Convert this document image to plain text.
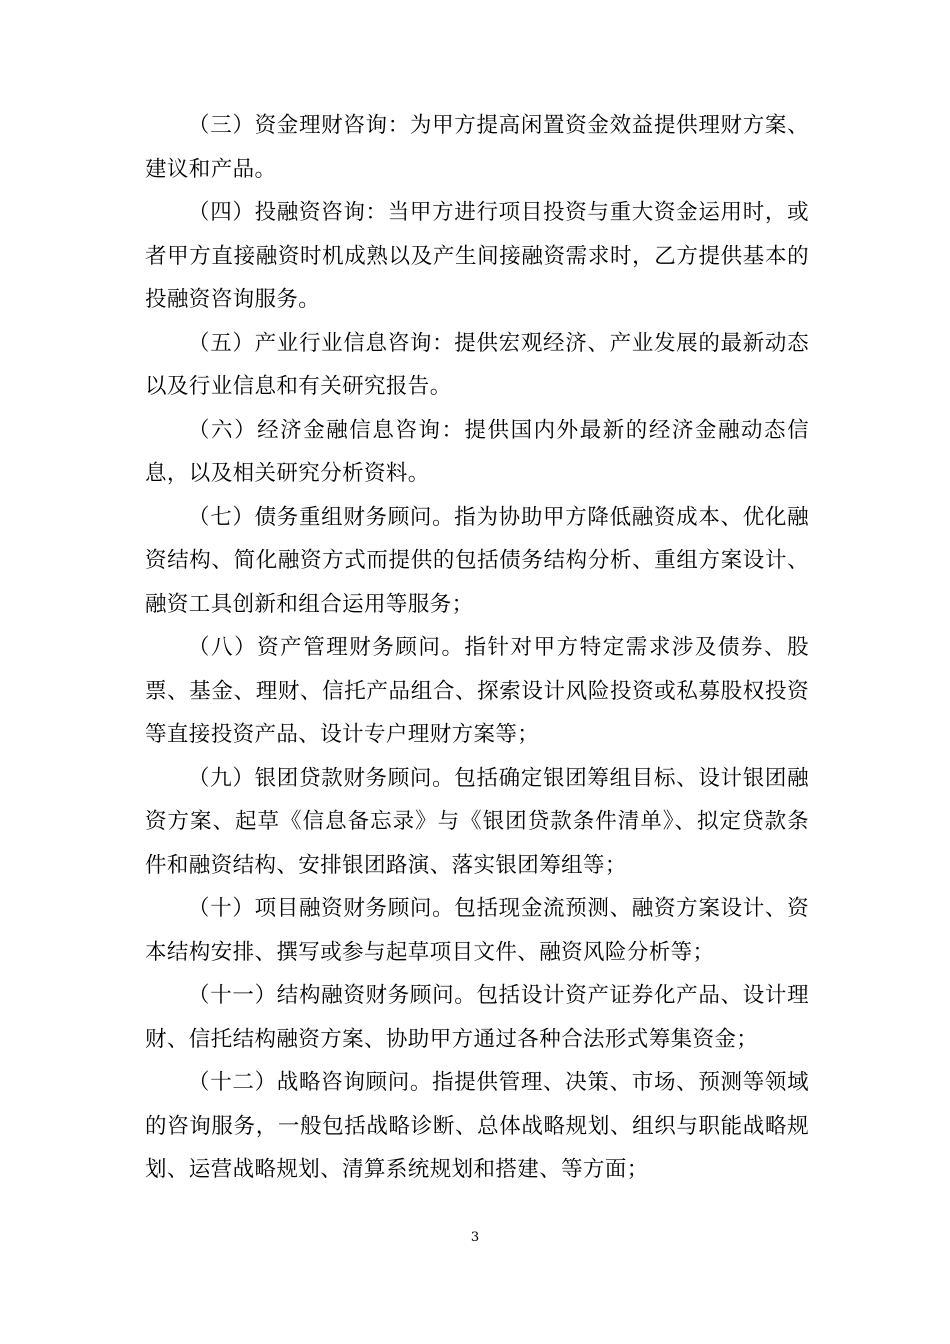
（三）资金理财咨询：为甲方提高闲置资金效益提供理财方案、建议和产品。

（四）投融资咨询：当甲方进行项目投资与重大资金运用时，或者甲方直接融资时机成熟以及产生间接融资需求时，乙方提供基本的投融资咨询服务。

（五）产业行业信息咨询：提供宏观经济、产业发展的最新动态以及行业信息和有关研究报告。

（六）经济金融信息咨询：提供国内外最新的经济金融动态信息，以及相关研究分析资料。

（七）债务重组财务顾问。指为协助甲方降低融资成本、优化融资结构、简化融资方式而提供的包括债务结构分析、重组方案设计、融资工具创新和组合运用等服务；

（八）资产管理财务顾问。指针对甲方特定需求涉及债券、股票、基金、理财、信托产品组合、探索设计风险投资或私募股权投资等直接投资产品、设计专户理财方案等；

（九）银团贷款财务顾问。包括确定银团筹组目标、设计银团融资方案、起草《信息备忘录》与《银团贷款条件清单》、拟定贷款条件和融资结构、安排银团路演、落实银团筹组等；

（十）项目融资财务顾问。包括现金流预测、融资方案设计、资本结构安排、撰写或参与起草项目文件、融资风险分析等；

（十一）结构融资财务顾问。包括设计资产证券化产品、设计理财、信托结构融资方案、协助甲方通过各种合法形式筹集资金；

（十二）战略咨询顾问。指提供管理、决策、市场、预测等领域的咨询服务，一般包括战略诊断、总体战略规划、组织与职能战略规划、运营战略规划、清算系统规划和搭建、等方面；

3
